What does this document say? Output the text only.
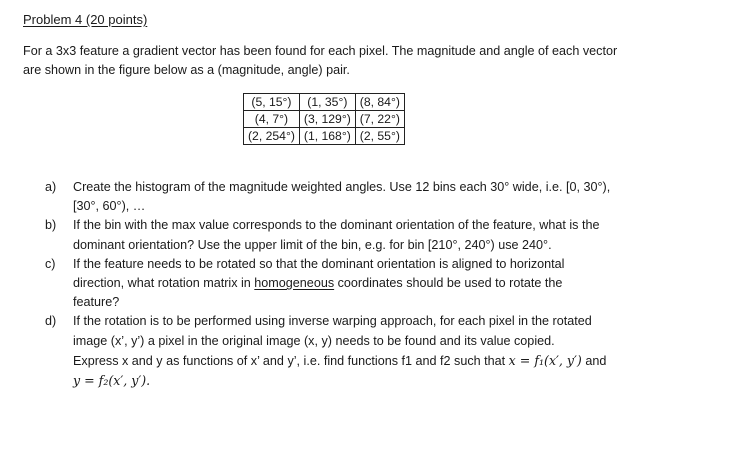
Problem 4 (20 points)

For a 3x3 feature a gradient vector has been found for each pixel. The magnitude and angle of each vector

are shown in the figure below as a (magnitude, angle) pair.

(5, 15°)	(1, 35°)	(8, 84°)
(4, 7°)	(3, 129°)	(7, 22°)
(2, 254°)	(1, 168°)	(2, 55°)
a) Create the histogram of the magnitude weighted angles. Use 12 bins each 30° wide, i.e. [0, 30°),
[30°, 60°), …
b) If the bin with the max value corresponds to the dominant orientation of the feature, what is the
dominant orientation? Use the upper limit of the bin, e.g. for bin [210°, 240°) use 240°.
c) If the feature needs to be rotated so that the dominant orientation is aligned to horizontal
direction, what rotation matrix in homogeneous coordinates should be used to rotate the
feature?
d) If the rotation is to be performed using inverse warping approach, for each pixel in the rotated
image (x’, y’) a pixel in the original image (x, y) needs to be found and its value copied.
Express x and y as functions of x’ and y’, i.e. find functions f1 and f2 such that x = f₁(x′, y′) and
y = f₂(x′, y′).
